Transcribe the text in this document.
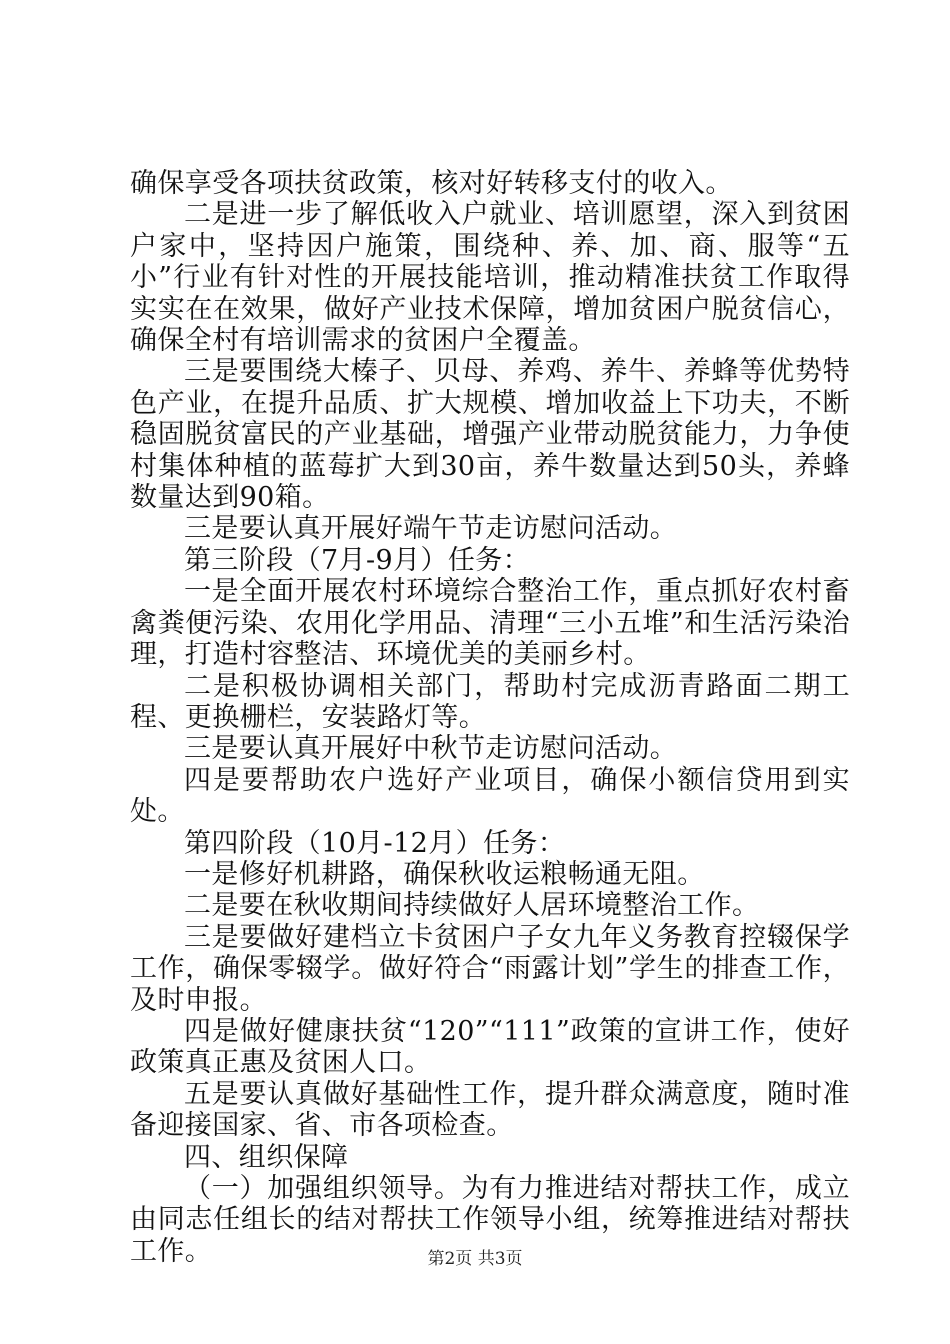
确保享受各项扶贫政策，核对好转移支付的收入。

二是进一步了解低收入户就业、培训愿望，深入到贫困户家中，坚持因户施策，围绕种、养、加、商、服等“五小”行业有针对性的开展技能培训，推动精准扶贫工作取得实实在在效果，做好产业技术保障，增加贫困户脱贫信心，确保全村有培训需求的贫困户全覆盖。

三是要围绕大榛子、贝母、养鸡、养牛、养蜂等优势特色产业，在提升品质、扩大规模、增加收益上下功夫，不断稳固脱贫富民的产业基础，增强产业带动脱贫能力，力争使村集体种植的蓝莓扩大到30亩，养牛数量达到50头，养蜂数量达到90箱。

三是要认真开展好端午节走访慰问活动。

第三阶段（7月-9月）任务：

一是全面开展农村环境综合整治工作，重点抓好农村畜禽粪便污染、农用化学用品、清理“三小五堆”和生活污染治理，打造村容整洁、环境优美的美丽乡村。

二是积极协调相关部门，帮助村完成沥青路面二期工程、更换栅栏，安装路灯等。

三是要认真开展好中秋节走访慰问活动。

四是要帮助农户选好产业项目，确保小额信贷用到实处。

第四阶段（10月-12月）任务：

一是修好机耕路，确保秋收运粮畅通无阻。

二是要在秋收期间持续做好人居环境整治工作。

三是要做好建档立卡贫困户子女九年义务教育控辍保学工作，确保零辍学。做好符合“雨露计划”学生的排查工作，及时申报。

四是做好健康扶贫“120”“111”政策的宣讲工作，使好政策真正惠及贫困人口。

五是要认真做好基础性工作，提升群众满意度，随时准备迎接国家、省、市各项检查。

四、组织保障

（一）加强组织领导。为有力推进结对帮扶工作，成立由同志任组长的结对帮扶工作领导小组，统筹推进结对帮扶工作。	第2页 共3页
